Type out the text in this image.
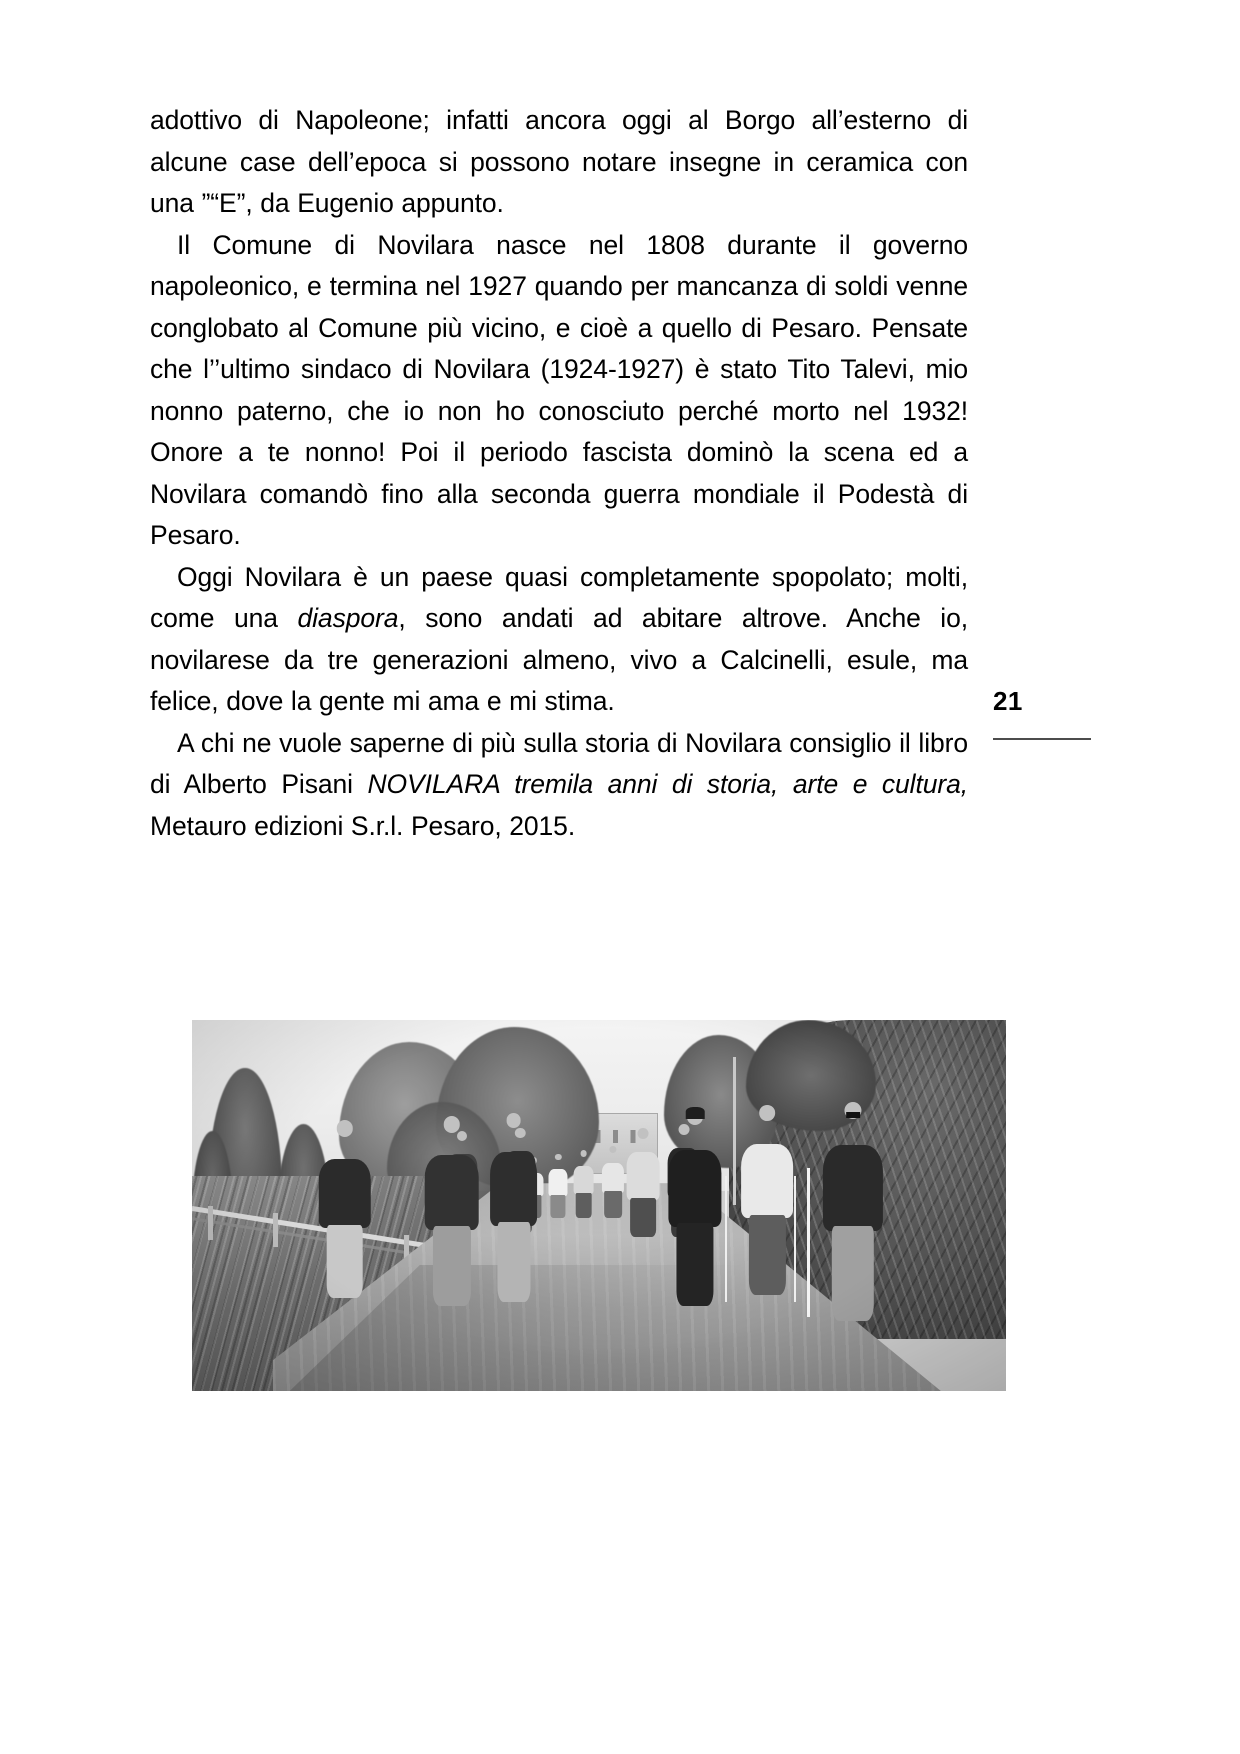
adottivo di Napoleone; infatti ancora oggi al Borgo all’esterno di alcune case dell’epoca si possono notare insegne in ceramica con una ”“E”, da Eugenio appunto.

Il Comune di Novilara nasce nel 1808 durante il governo napoleonico, e termina nel 1927 quando per mancanza di soldi venne conglobato al Comune più vicino, e cioè a quello di Pesaro. Pensate che l’’ultimo sindaco di Novilara (1924-1927) è stato Tito Talevi, mio nonno paterno, che io non ho conosciuto perché morto nel 1932! Onore a te nonno! Poi il periodo fascista dominò la scena ed a Novilara comandò fino alla seconda guerra mondiale il Podestà di Pesaro.

Oggi Novilara è un paese quasi completamente spopolato; molti, come una diaspora, sono andati ad abitare altrove. Anche io, novilarese da tre generazioni almeno, vivo a Calcinelli, esule, ma felice, dove la gente mi ama e mi stima.

A chi ne vuole saperne di più sulla storia di Novilara consiglio il libro di Alberto Pisani NOVILARA tremila anni di storia, arte e cultura, Metauro edizioni S.r.l. Pesaro, 2015.

21
